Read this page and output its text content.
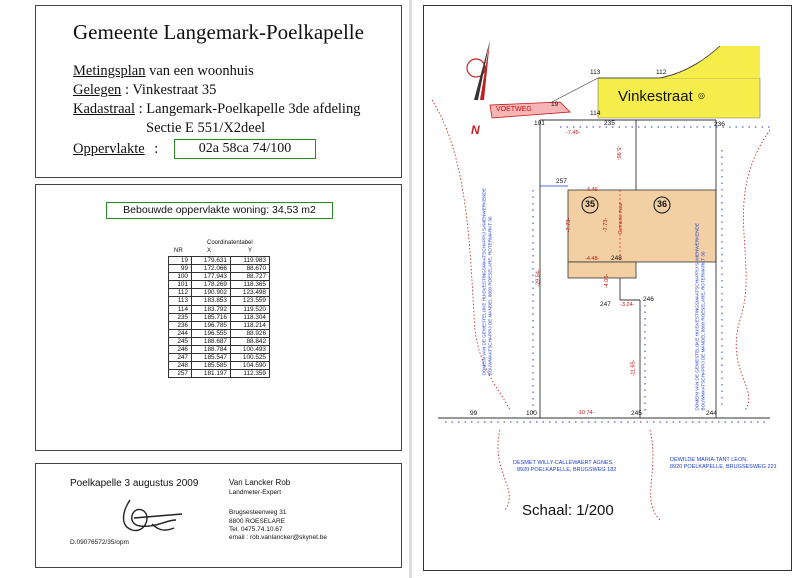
Gemeente Langemark-Poelkapelle
Metingsplan van een woonhuis
Gelegen : Vinkestraat 35
Kadastraal : Langemark-Poelkapelle 3de afdeling
Sectie E 551/X2deel
Oppervlakte :	02a 58ca 74/100
Bebouwde oppervlakte woning: 34,53 m2
Coordinatentabel
NR	X	Y
19	179.631	119.983
99	172.066	88.670
100	177.943	88.727
101	178.269	118.365
112	190.902	123.498
113	183.853	123.559
114	183.792	119.520
235	185.716	118.304
236	196.785	118.214
244	196.555	88.926
245	188.687	88.842
246	188.784	100.493
247	185.547	100.525
248	185.585	104.590
257	181.197	112.359
Poelkapelle 3 augustus 2009
D.09076572/35/opm
Van Lancker Rob
Landmeter-Expert
Brugsesteenweg 31
8800 ROESELARE
Tel. 0475.74.10.67
email : rob.vanlancker@skynet.be
Vinkestraat ◎
VOETWEG
N
Schaal: 1/200
35	36
113	112
19
114
101	235	236
257
248
247
246
99	100	245	244
-7.45-
-5.96-
-4.46-
-7.73-	-7.73- Gemene muur
-4.48-
-4.06-
-3.24-
-29.54-
-11.65-
-10.74-
DOMEIN VAN DE GEWESTELIJKE HUISVESTINGSMAATSCHAPPIJ SAMENWERKENDE BOUWMAATSCHAPPIJ DE MANDEL 8800 ROESELARE, ROTERMARKT 30	DOMEIN VAN DE GEWESTELIJKE HUISVESTINGSMAATSCHAPPIJ SAMENWERKENDE BOUWMAATSCHAPPIJ DE MANDEL 8800 ROESELARE, ROTERMARKT 30
DESMET WILLY-CALLEWAERT AGNES,
8920 POELKAPELLE, BRUGSWEG 182
DEWILDE MARIA-TANT LEON,
8920 POELKAPELLE, BRUGSESWEG 221
